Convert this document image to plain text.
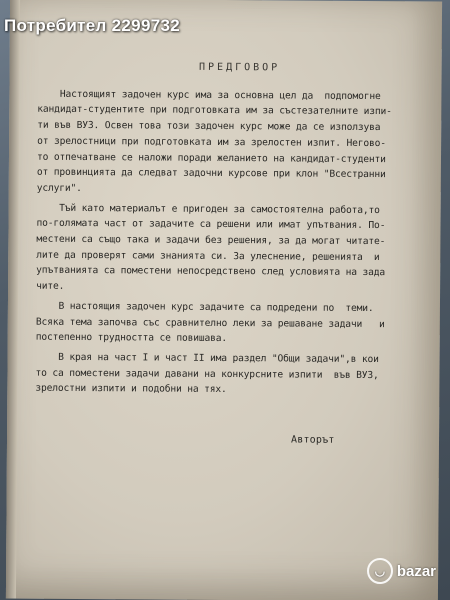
ПРЕДГОВОР
Настоящият задочен курс има за основна цел да  подпомогне
кандидат-студентите при подготовката им за състезателните изпи-
ти във ВУЗ. Освен това този задочен курс може да се използува
от зрелостници при подготовката им за зрелостен изпит. Негово-
то отпечатване се наложи поради желанието на кандидат-студенти
от провинцията да следват задочни курсове при клон "Всестранни
услуги".
Тъй като материалът е пригоден за самостоятелна работа,то
по-голямата част от задачите са решени или имат упътвания. По-
местени са също така и задачи без решения, за да могат читате-
лите да проверят сами знанията си. За улеснение, решенията  и
упътванията са поместени непосредствено след условията на зада
чите.
В настоящия задочен курс задачите са подредени по  теми.
Всяка тема започва със сравнително леки за решаване задачи   и
постепенно трудността се повишава.
В края на част I и част II има раздел "Общи задачи",в кои
то са поместени задачи давани на конкурсните изпити  във ВУЗ,
зрелостни изпити и подобни на тях.
Авторът
Потребител 2299732
◡ bazar
